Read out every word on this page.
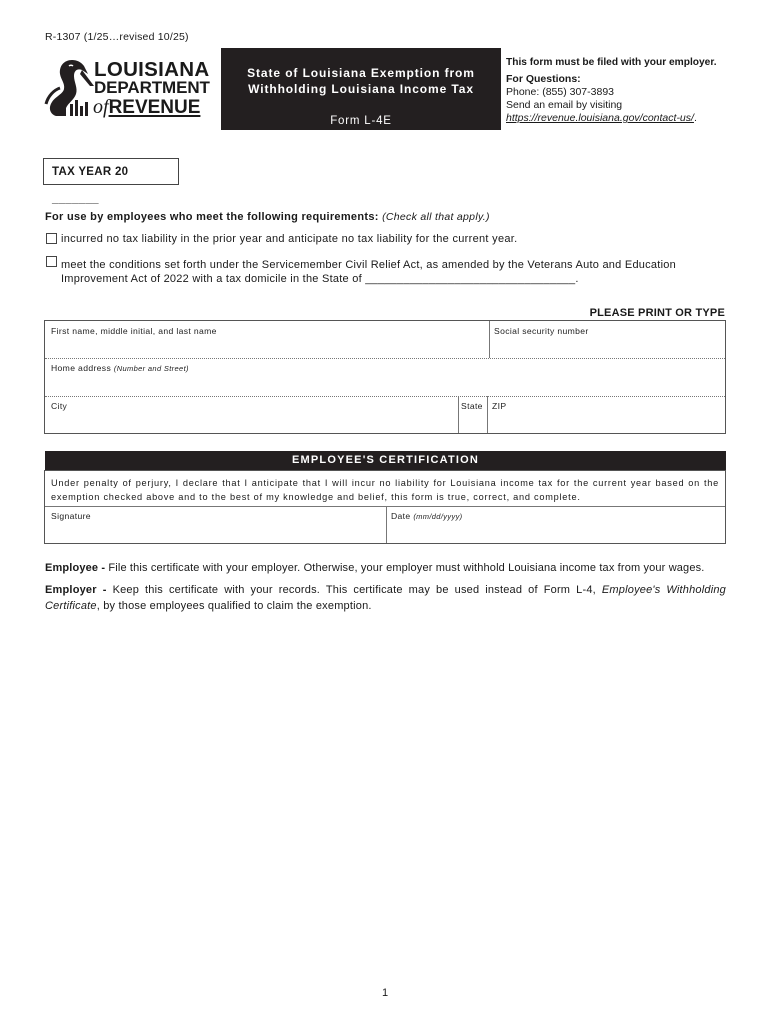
R-1307 (1/25…revised 10/25)
LOUISIANA
DEPARTMENT
ofREVENUE
State of Louisiana Exemption from
Withholding Louisiana Income Tax
Form L-4E
This form must be filed with your employer.
For Questions:
Phone: (855) 307-3893
Send an email by visiting
https://revenue.louisiana.gov/contact-us/.
TAX YEAR 20 _______
For use by employees who meet the following requirements: (Check all that apply.)
incurred no tax liability in the prior year and anticipate no tax liability for the current year.
meet the conditions set forth under the Servicemember Civil Relief Act, as amended by the Veterans Auto and Education
Improvement Act of 2022 with a tax domicile in the State of _________________________________.
PLEASE PRINT OR TYPE
First name, middle initial, and last name	Social security number
Home address (Number and Street)
City	State ZIP
EMPLOYEE'S CERTIFICATION
Under penalty of perjury, I declare that I anticipate that I will incur no liability for Louisiana income tax for the current year based on the exemption checked above and to the best of my knowledge and belief, this form is true, correct, and complete.
Signature	Date (mm/dd/yyyy)
Employee - File this certificate with your employer. Otherwise, your employer must withhold Louisiana income tax from your wages.
Employer - Keep this certificate with your records. This certificate may be used instead of Form L-4, Employee's Withholding Certificate, by those employees qualified to claim the exemption.
1
